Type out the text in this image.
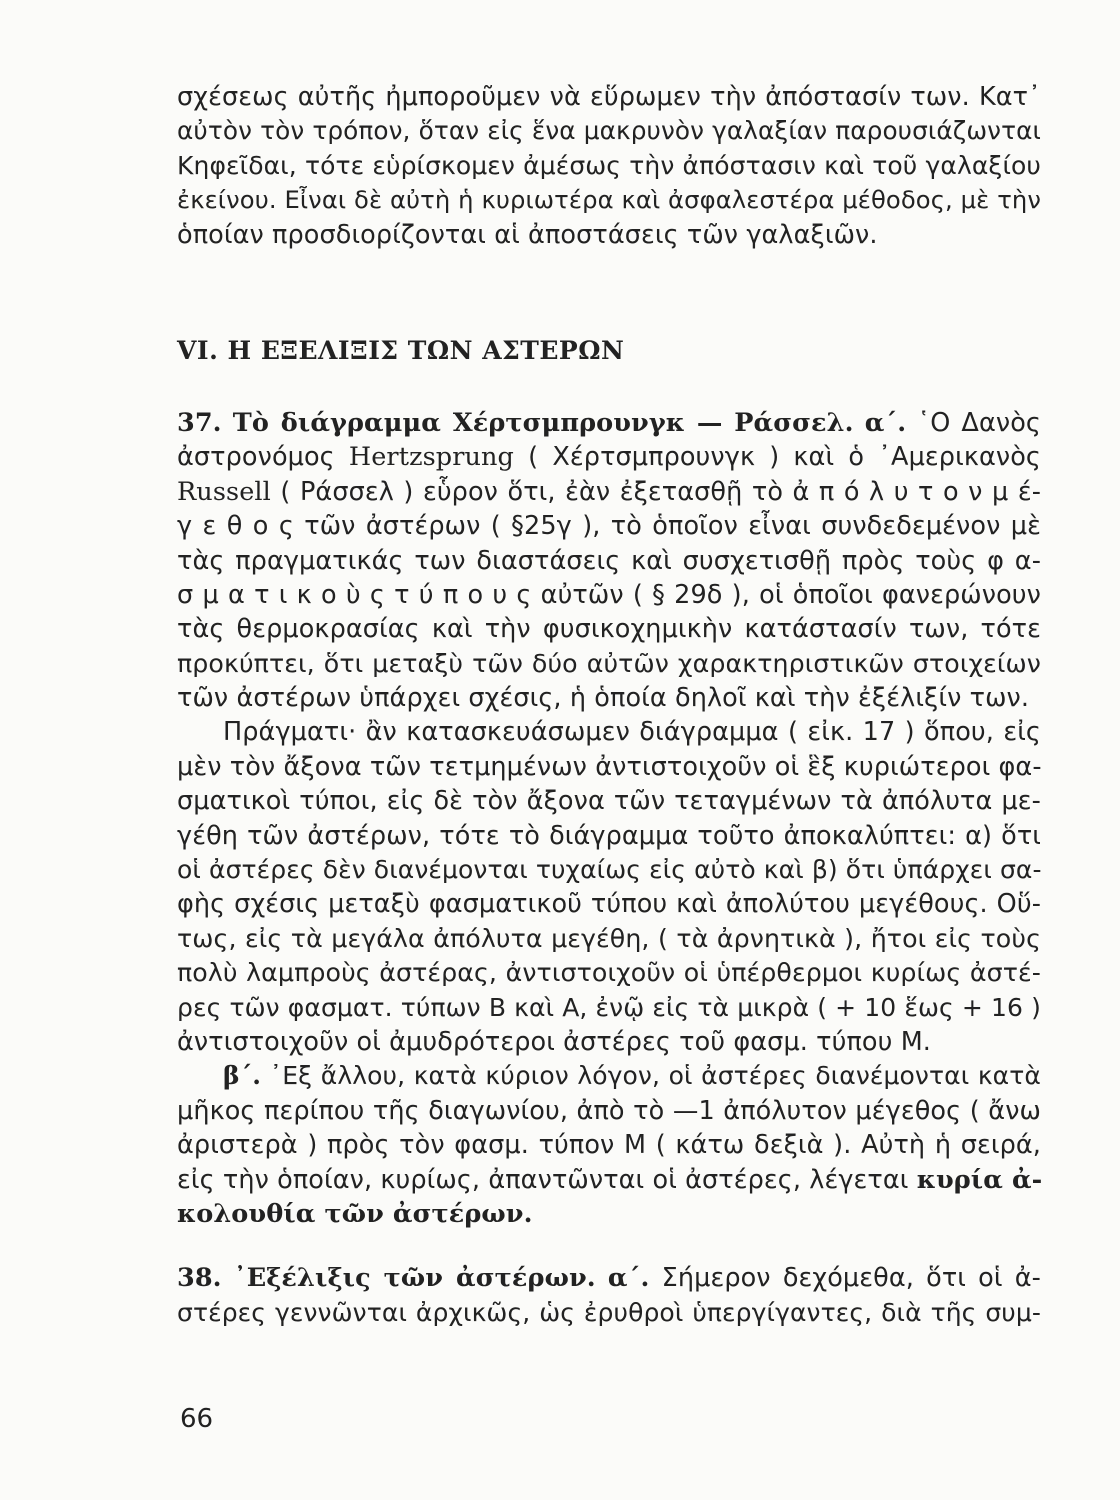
σχέσεως αὐτῆς ἠμποροῦμεν νὰ εὕρωμεν τὴν ἀπόστασίν των. Κατ᾽
αὐτὸν τὸν τρόπον, ὅταν εἰς ἕνα μακρυνὸν γαλαξίαν παρουσιάζωνται
Κηφεῖδαι, τότε εὑρίσκομεν ἀμέσως τὴν ἀπόστασιν καὶ τοῦ γαλαξίου
ἐκείνου. Εἶναι δὲ αὐτὴ ἡ κυριωτέρα καὶ ἀσφαλεστέρα μέθοδος, μὲ τὴν
ὁποίαν προσδιορίζονται αἱ ἀποστάσεις τῶν γαλαξιῶν.
VI. Η ΕΞΕΛΙΞΙΣ ΤΩΝ ΑΣΤΕΡΩΝ
37. Τὸ διάγραμμα Χέρτσμπρουνγκ — Ράσσελ. α΄. ῾Ο Δανὸς
ἀστρονόμος Hertzsprung ( Χέρτσμπρουνγκ ) καὶ ὁ ᾽Αμερικανὸς
Russell ( Ράσσελ ) εὗρον ὅτι, ἐὰν ἐξετασθῇ τὸ ἀ π ό λ υ τ ο ν μ έ-
γ ε θ ο ς τῶν ἀστέρων ( §25γ ), τὸ ὁποῖον εἶναι συνδεδεμένον μὲ
τὰς πραγματικάς των διαστάσεις καὶ συσχετισθῇ πρὸς τοὺς φ α-
σ μ α τ ι κ ο ὺ ς τ ύ π ο υ ς αὐτῶν ( § 29δ ), οἱ ὁποῖοι φανερώνουν
τὰς θερμοκρασίας καὶ τὴν φυσικοχημικὴν κατάστασίν των, τότε
προκύπτει, ὅτι μεταξὺ τῶν δύο αὐτῶν χαρακτηριστικῶν στοιχείων
τῶν ἀστέρων ὑπάρχει σχέσις, ἡ ὁποία δηλοῖ καὶ τὴν ἐξέλιξίν των.
Πράγματι· ἂν κατασκευάσωμεν διάγραμμα ( εἰκ. 17 ) ὅπου, εἰς
μὲν τὸν ἄξονα τῶν τετμημένων ἀντιστοιχοῦν οἱ ἓξ κυριώτεροι φα-
σματικοὶ τύποι, εἰς δὲ τὸν ἄξονα τῶν τεταγμένων τὰ ἀπόλυτα με-
γέθη τῶν ἀστέρων, τότε τὸ διάγραμμα τοῦτο ἀποκαλύπτει: α) ὅτι
οἱ ἀστέρες δὲν διανέμονται τυχαίως εἰς αὐτὸ καὶ β) ὅτι ὑπάρχει σα-
φὴς σχέσις μεταξὺ φασματικοῦ τύπου καὶ ἀπολύτου μεγέθους. Οὕ-
τως, εἰς τὰ μεγάλα ἀπόλυτα μεγέθη, ( τὰ ἀρνητικὰ ), ἤτοι εἰς τοὺς
πολὺ λαμπροὺς ἀστέρας, ἀντιστοιχοῦν οἱ ὑπέρθερμοι κυρίως ἀστέ-
ρες τῶν φασματ. τύπων Β καὶ Α, ἐνῷ εἰς τὰ μικρὰ ( + 10 ἕως + 16 )
ἀντιστοιχοῦν οἱ ἀμυδρότεροι ἀστέρες τοῦ φασμ. τύπου Μ.
β΄. ᾽Εξ ἄλλου, κατὰ κύριον λόγον, οἱ ἀστέρες διανέμονται κατὰ
μῆκος περίπου τῆς διαγωνίου, ἀπὸ τὸ —1 ἀπόλυτον μέγεθος ( ἄνω
ἀριστερὰ ) πρὸς τὸν φασμ. τύπον Μ ( κάτω δεξιὰ ). Αὐτὴ ἡ σειρά,
εἰς τὴν ὁποίαν, κυρίως, ἀπαντῶνται οἱ ἀστέρες, λέγεται κυρία ἀ-
κολουθία τῶν ἀστέρων.
38. ᾽Εξέλιξις τῶν ἀστέρων. α΄. Σήμερον δεχόμεθα, ὅτι οἱ ἀ-
στέρες γεννῶνται ἀρχικῶς, ὡς ἐρυθροὶ ὑπεργίγαντες, διὰ τῆς συμ-
66
